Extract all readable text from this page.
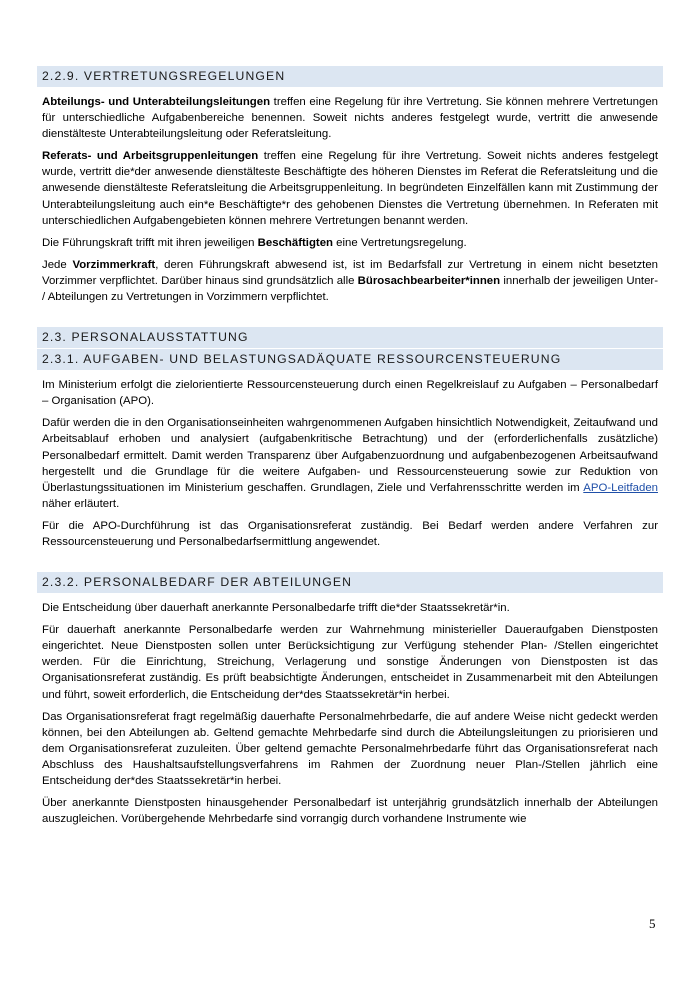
2.2.9. VERTRETUNGSREGELUNGEN

Abteilungs- und Unterabteilungsleitungen treffen eine Regelung für ihre Vertretung. Sie können mehrere Vertretungen für unterschiedliche Aufgabenbereiche benennen. Soweit nichts anderes festgelegt wurde, vertritt die anwesende dienstälteste Unterabteilungsleitung oder Referatsleitung.

Referats- und Arbeitsgruppenleitungen treffen eine Regelung für ihre Vertretung. Soweit nichts anderes festgelegt wurde, vertritt die*der anwesende dienstälteste Beschäftigte des höheren Dienstes im Referat die Referatsleitung und die anwesende dienstälteste Referatsleitung die Arbeitsgruppenleitung. In begründeten Einzelfällen kann mit Zustimmung der Unterabteilungsleitung auch ein*e Beschäftigte*r des gehobenen Dienstes die Vertretung übernehmen. In Referaten mit unterschiedlichen Aufgabengebieten können mehrere Vertretungen benannt werden.

Die Führungskraft trifft mit ihren jeweiligen Beschäftigten eine Vertretungsregelung.

Jede Vorzimmerkraft, deren Führungskraft abwesend ist, ist im Bedarfsfall zur Vertretung in einem nicht besetzten Vorzimmer verpflichtet. Darüber hinaus sind grundsätzlich alle Bürosachbearbeiter*innen innerhalb der jeweiligen Unter- / Abteilungen zu Vertretungen in Vorzimmern verpflichtet.

2.3. PERSONALAUSSTATTUNG
2.3.1. AUFGABEN- UND BELASTUNGSADÄQUATE RESSOURCENSTEUERUNG

Im Ministerium erfolgt die zielorientierte Ressourcensteuerung durch einen Regelkreislauf zu Aufgaben – Personalbedarf – Organisation (APO).

Dafür werden die in den Organisationseinheiten wahrgenommenen Aufgaben hinsichtlich Notwendigkeit, Zeitaufwand und Arbeitsablauf erhoben und analysiert (aufgabenkritische Betrachtung) und der (erforderlichenfalls zusätzliche) Personalbedarf ermittelt. Damit werden Transparenz über Aufgabenzuordnung und aufgabenbezogenen Arbeitsaufwand hergestellt und die Grundlage für die weitere Aufgaben- und Ressourcensteuerung sowie zur Reduktion von Überlastungssituationen im Ministerium geschaffen. Grundlagen, Ziele und Verfahrensschritte werden im APO-Leitfaden näher erläutert.

Für die APO-Durchführung ist das Organisationsreferat zuständig. Bei Bedarf werden andere Verfahren zur Ressourcensteuerung und Personalbedarfsermittlung angewendet.

2.3.2. PERSONALBEDARF DER ABTEILUNGEN

Die Entscheidung über dauerhaft anerkannte Personalbedarfe trifft die*der Staatssekretär*in.

Für dauerhaft anerkannte Personalbedarfe werden zur Wahrnehmung ministerieller Daueraufgaben Dienstposten eingerichtet. Neue Dienstposten sollen unter Berücksichtigung zur Verfügung stehender Plan- /Stellen eingerichtet werden. Für die Einrichtung, Streichung, Verlagerung und sonstige Änderungen von Dienstposten ist das Organisationsreferat zuständig. Es prüft beabsichtigte Änderungen, entscheidet in Zusammenarbeit mit den Abteilungen und führt, soweit erforderlich, die Entscheidung der*des Staatssekretär*in herbei.

Das Organisationsreferat fragt regelmäßig dauerhafte Personalmehrbedarfe, die auf andere Weise nicht gedeckt werden können, bei den Abteilungen ab. Geltend gemachte Mehrbedarfe sind durch die Abteilungsleitungen zu priorisieren und dem Organisationsreferat zuzuleiten. Über geltend gemachte Personalmehrbedarfe führt das Organisationsreferat nach Abschluss des Haushaltsaufstellungsverfahrens im Rahmen der Zuordnung neuer Plan-/Stellen jährlich eine Entscheidung der*des Staatssekretär*in herbei.

Über anerkannte Dienstposten hinausgehender Personalbedarf ist unterjährig grundsätzlich innerhalb der Abteilungen auszugleichen. Vorübergehende Mehrbedarfe sind vorrangig durch vorhandene Instrumente wie

5
